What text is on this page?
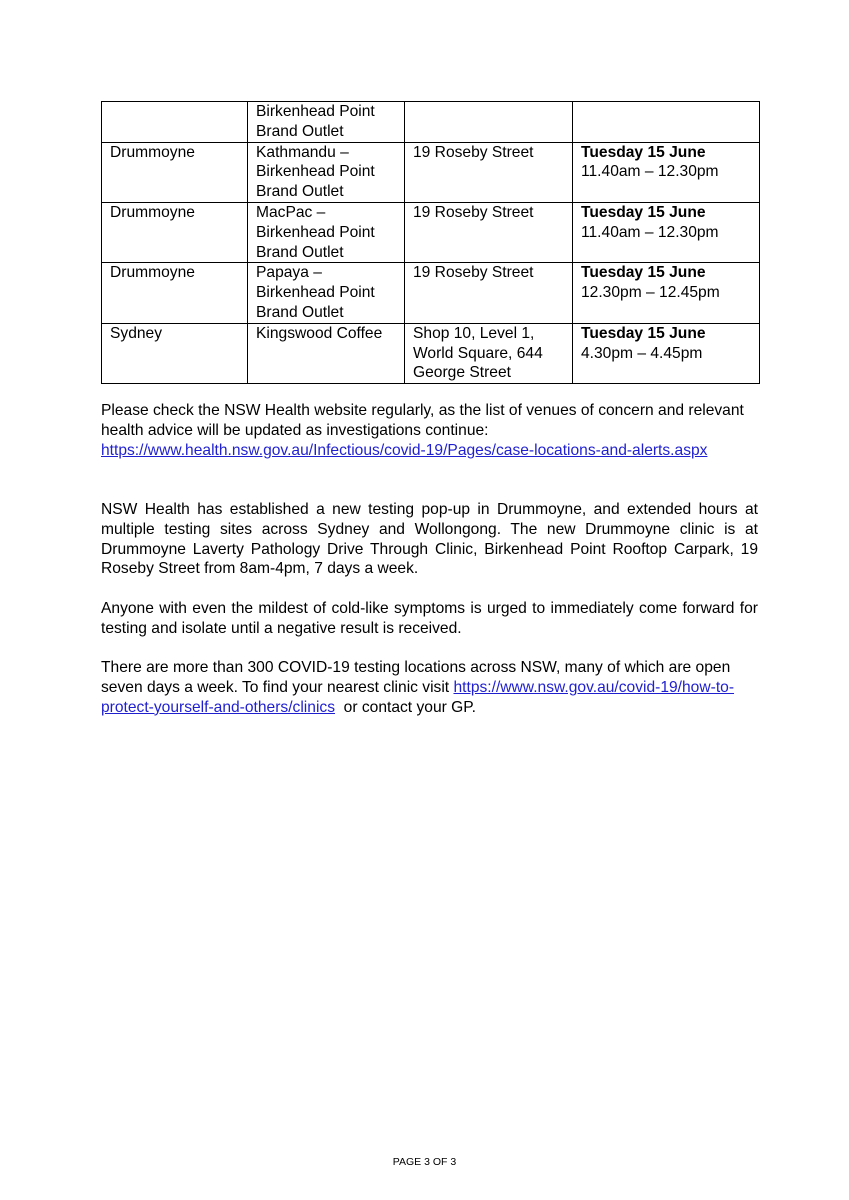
	Birkenhead Point Brand Outlet		

Drummoyne	Kathmandu – Birkenhead Point Brand Outlet	19 Roseby Street	Tuesday 15 June
11.40am – 12.30pm

Drummoyne	MacPac – Birkenhead Point Brand Outlet	19 Roseby Street	Tuesday 15 June
11.40am – 12.30pm

Drummoyne	Papaya – Birkenhead Point Brand Outlet	19 Roseby Street	Tuesday 15 June
12.30pm – 12.45pm

Sydney	Kingswood Coffee	Shop 10, Level 1, World Square, 644 George Street	Tuesday 15 June
4.30pm – 4.45pm

Please check the NSW Health website regularly, as the list of venues of concern and relevant health advice will be updated as investigations continue: https://www.health.nsw.gov.au/Infectious/covid-19/Pages/case-locations-and-alerts.aspx

NSW Health has established a new testing pop-up in Drummoyne, and extended hours at multiple testing sites across Sydney and Wollongong. The new Drummoyne clinic is at Drummoyne Laverty Pathology Drive Through Clinic, Birkenhead Point Rooftop Carpark, 19 Roseby Street from 8am-4pm, 7 days a week.

Anyone with even the mildest of cold-like symptoms is urged to immediately come forward for testing and isolate until a negative result is received.

There are more than 300 COVID-19 testing locations across NSW, many of which are open seven days a week. To find your nearest clinic visit https://www.nsw.gov.au/covid-19/how-to-protect-yourself-and-others/clinics  or contact your GP.

PAGE 3 OF 3
